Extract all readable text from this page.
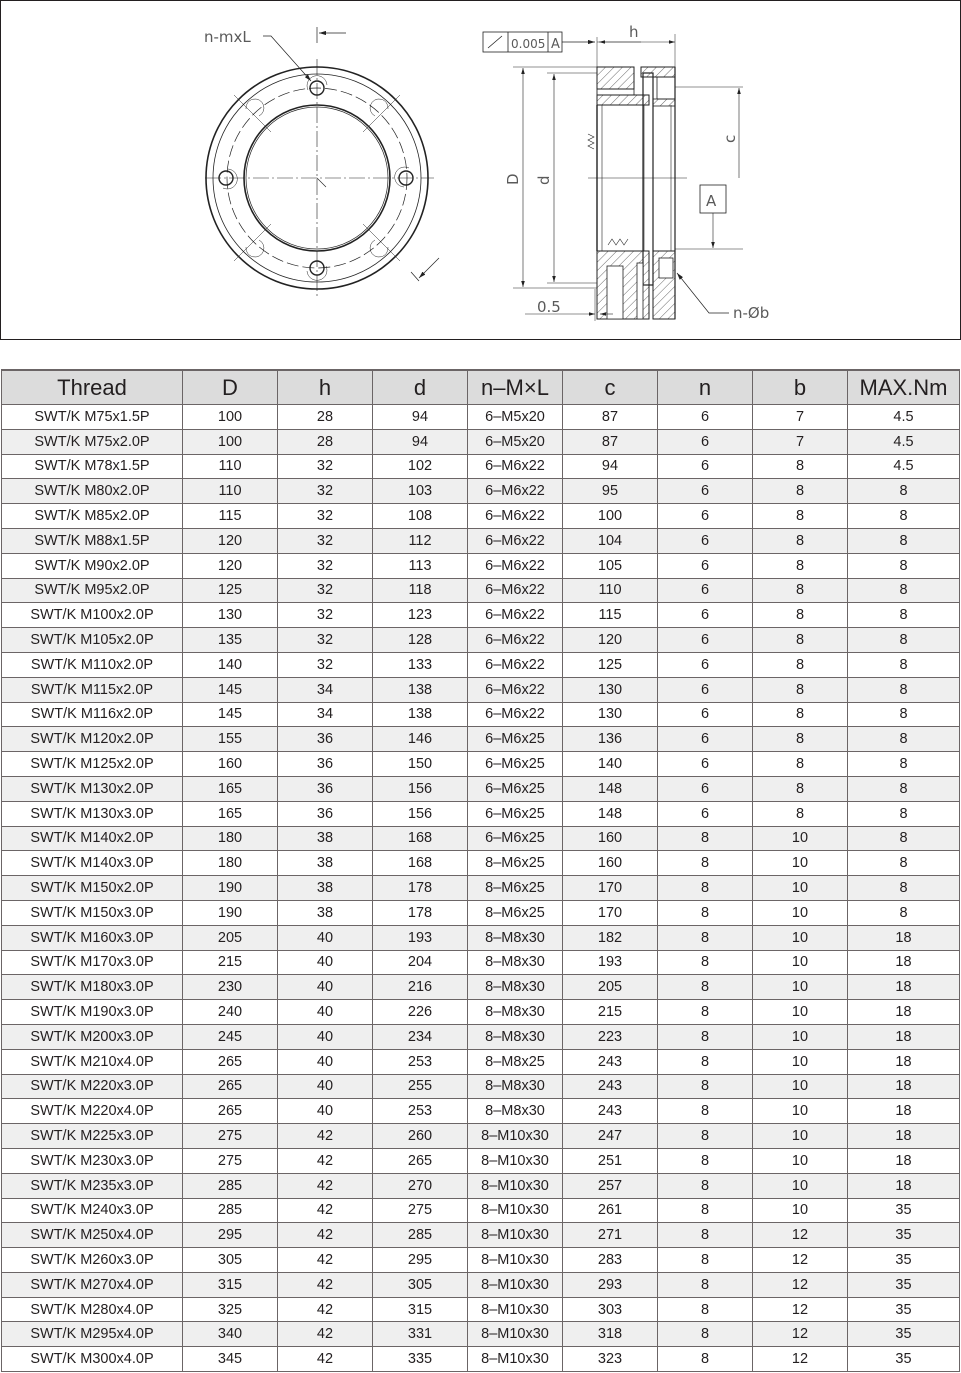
n-mxL	0.005 A
h
D d
c
A
0.5	n-Øb
Thread	D	h	d	n–M×L	c	n	b	MAX.Nm
SWT/K M75x1.5P	100	28	94	6–M5x20	87	6	7	4.5
SWT/K M75x2.0P	100	28	94	6–M5x20	87	6	7	4.5
SWT/K M78x1.5P	110	32	102	6–M6x22	94	6	8	4.5
SWT/K M80x2.0P	110	32	103	6–M6x22	95	6	8	8
SWT/K M85x2.0P	115	32	108	6–M6x22	100	6	8	8
SWT/K M88x1.5P	120	32	112	6–M6x22	104	6	8	8
SWT/K M90x2.0P	120	32	113	6–M6x22	105	6	8	8
SWT/K M95x2.0P	125	32	118	6–M6x22	110	6	8	8
SWT/K M100x2.0P	130	32	123	6–M6x22	115	6	8	8
SWT/K M105x2.0P	135	32	128	6–M6x22	120	6	8	8
SWT/K M110x2.0P	140	32	133	6–M6x22	125	6	8	8
SWT/K M115x2.0P	145	34	138	6–M6x22	130	6	8	8
SWT/K M116x2.0P	145	34	138	6–M6x22	130	6	8	8
SWT/K M120x2.0P	155	36	146	6–M6x25	136	6	8	8
SWT/K M125x2.0P	160	36	150	6–M6x25	140	6	8	8
SWT/K M130x2.0P	165	36	156	6–M6x25	148	6	8	8
SWT/K M130x3.0P	165	36	156	6–M6x25	148	6	8	8
SWT/K M140x2.0P	180	38	168	6–M6x25	160	8	10	8
SWT/K M140x3.0P	180	38	168	8–M6x25	160	8	10	8
SWT/K M150x2.0P	190	38	178	8–M6x25	170	8	10	8
SWT/K M150x3.0P	190	38	178	8–M6x25	170	8	10	8
SWT/K M160x3.0P	205	40	193	8–M8x30	182	8	10	18
SWT/K M170x3.0P	215	40	204	8–M8x30	193	8	10	18
SWT/K M180x3.0P	230	40	216	8–M8x30	205	8	10	18
SWT/K M190x3.0P	240	40	226	8–M8x30	215	8	10	18
SWT/K M200x3.0P	245	40	234	8–M8x30	223	8	10	18
SWT/K M210x4.0P	265	40	253	8–M8x25	243	8	10	18
SWT/K M220x3.0P	265	40	255	8–M8x30	243	8	10	18
SWT/K M220x4.0P	265	40	253	8–M8x30	243	8	10	18
SWT/K M225x3.0P	275	42	260	8–M10x30	247	8	10	18
SWT/K M230x3.0P	275	42	265	8–M10x30	251	8	10	18
SWT/K M235x3.0P	285	42	270	8–M10x30	257	8	10	18
SWT/K M240x3.0P	285	42	275	8–M10x30	261	8	10	35
SWT/K M250x4.0P	295	42	285	8–M10x30	271	8	12	35
SWT/K M260x3.0P	305	42	295	8–M10x30	283	8	12	35
SWT/K M270x4.0P	315	42	305	8–M10x30	293	8	12	35
SWT/K M280x4.0P	325	42	315	8–M10x30	303	8	12	35
SWT/K M295x4.0P	340	42	331	8–M10x30	318	8	12	35
SWT/K M300x4.0P	345	42	335	8–M10x30	323	8	12	35
